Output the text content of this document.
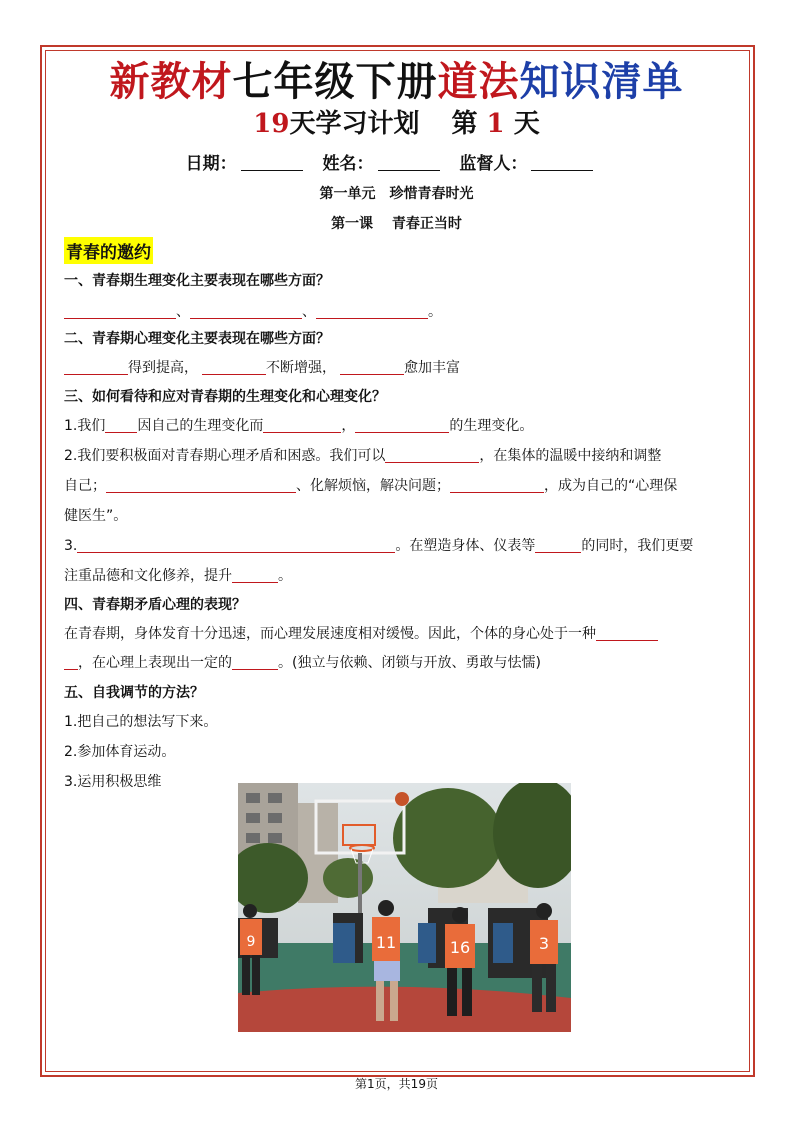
新教材七年级下册道法知识清单
19天学习计划 第 1 天
日期：	姓名：	监督人：
第一单元　珍惜青春时光
第一课　 青春正当时
青春的邀约
一、青春期生理变化主要表现在哪些方面？
、	、	。
二、青春期心理变化主要表现在哪些方面？
得到提高，	不断增强，	愈加丰富
三、如何看待和应对青春期的生理变化和心理变化？
1.我们 因自己的生理变化而	，	的生理变化。
2.我们要积极面对青春期心理矛盾和困惑。我们可以	，在集体的温暖中接纳和调整
自己；	、化解烦恼，解决问题；	，成为自己的“心理保
健医生”。
3.	。在塑造身体、仪表等	的同时，我们更要
注重品德和文化修养，提升	。
四、青春期矛盾心理的表现？
在青春期，身体发育十分迅速，而心理发展速度相对缓慢。因此，个体的身心处于一种
，在心理上表现出一定的	。(独立与依赖、闭锁与开放、勇敢与怯懦)
五、自我调节的方法？
1.把自己的想法写下来。
2.参加体育运动。
3.运用积极思维
9	11	16	3
第1页，共19页
